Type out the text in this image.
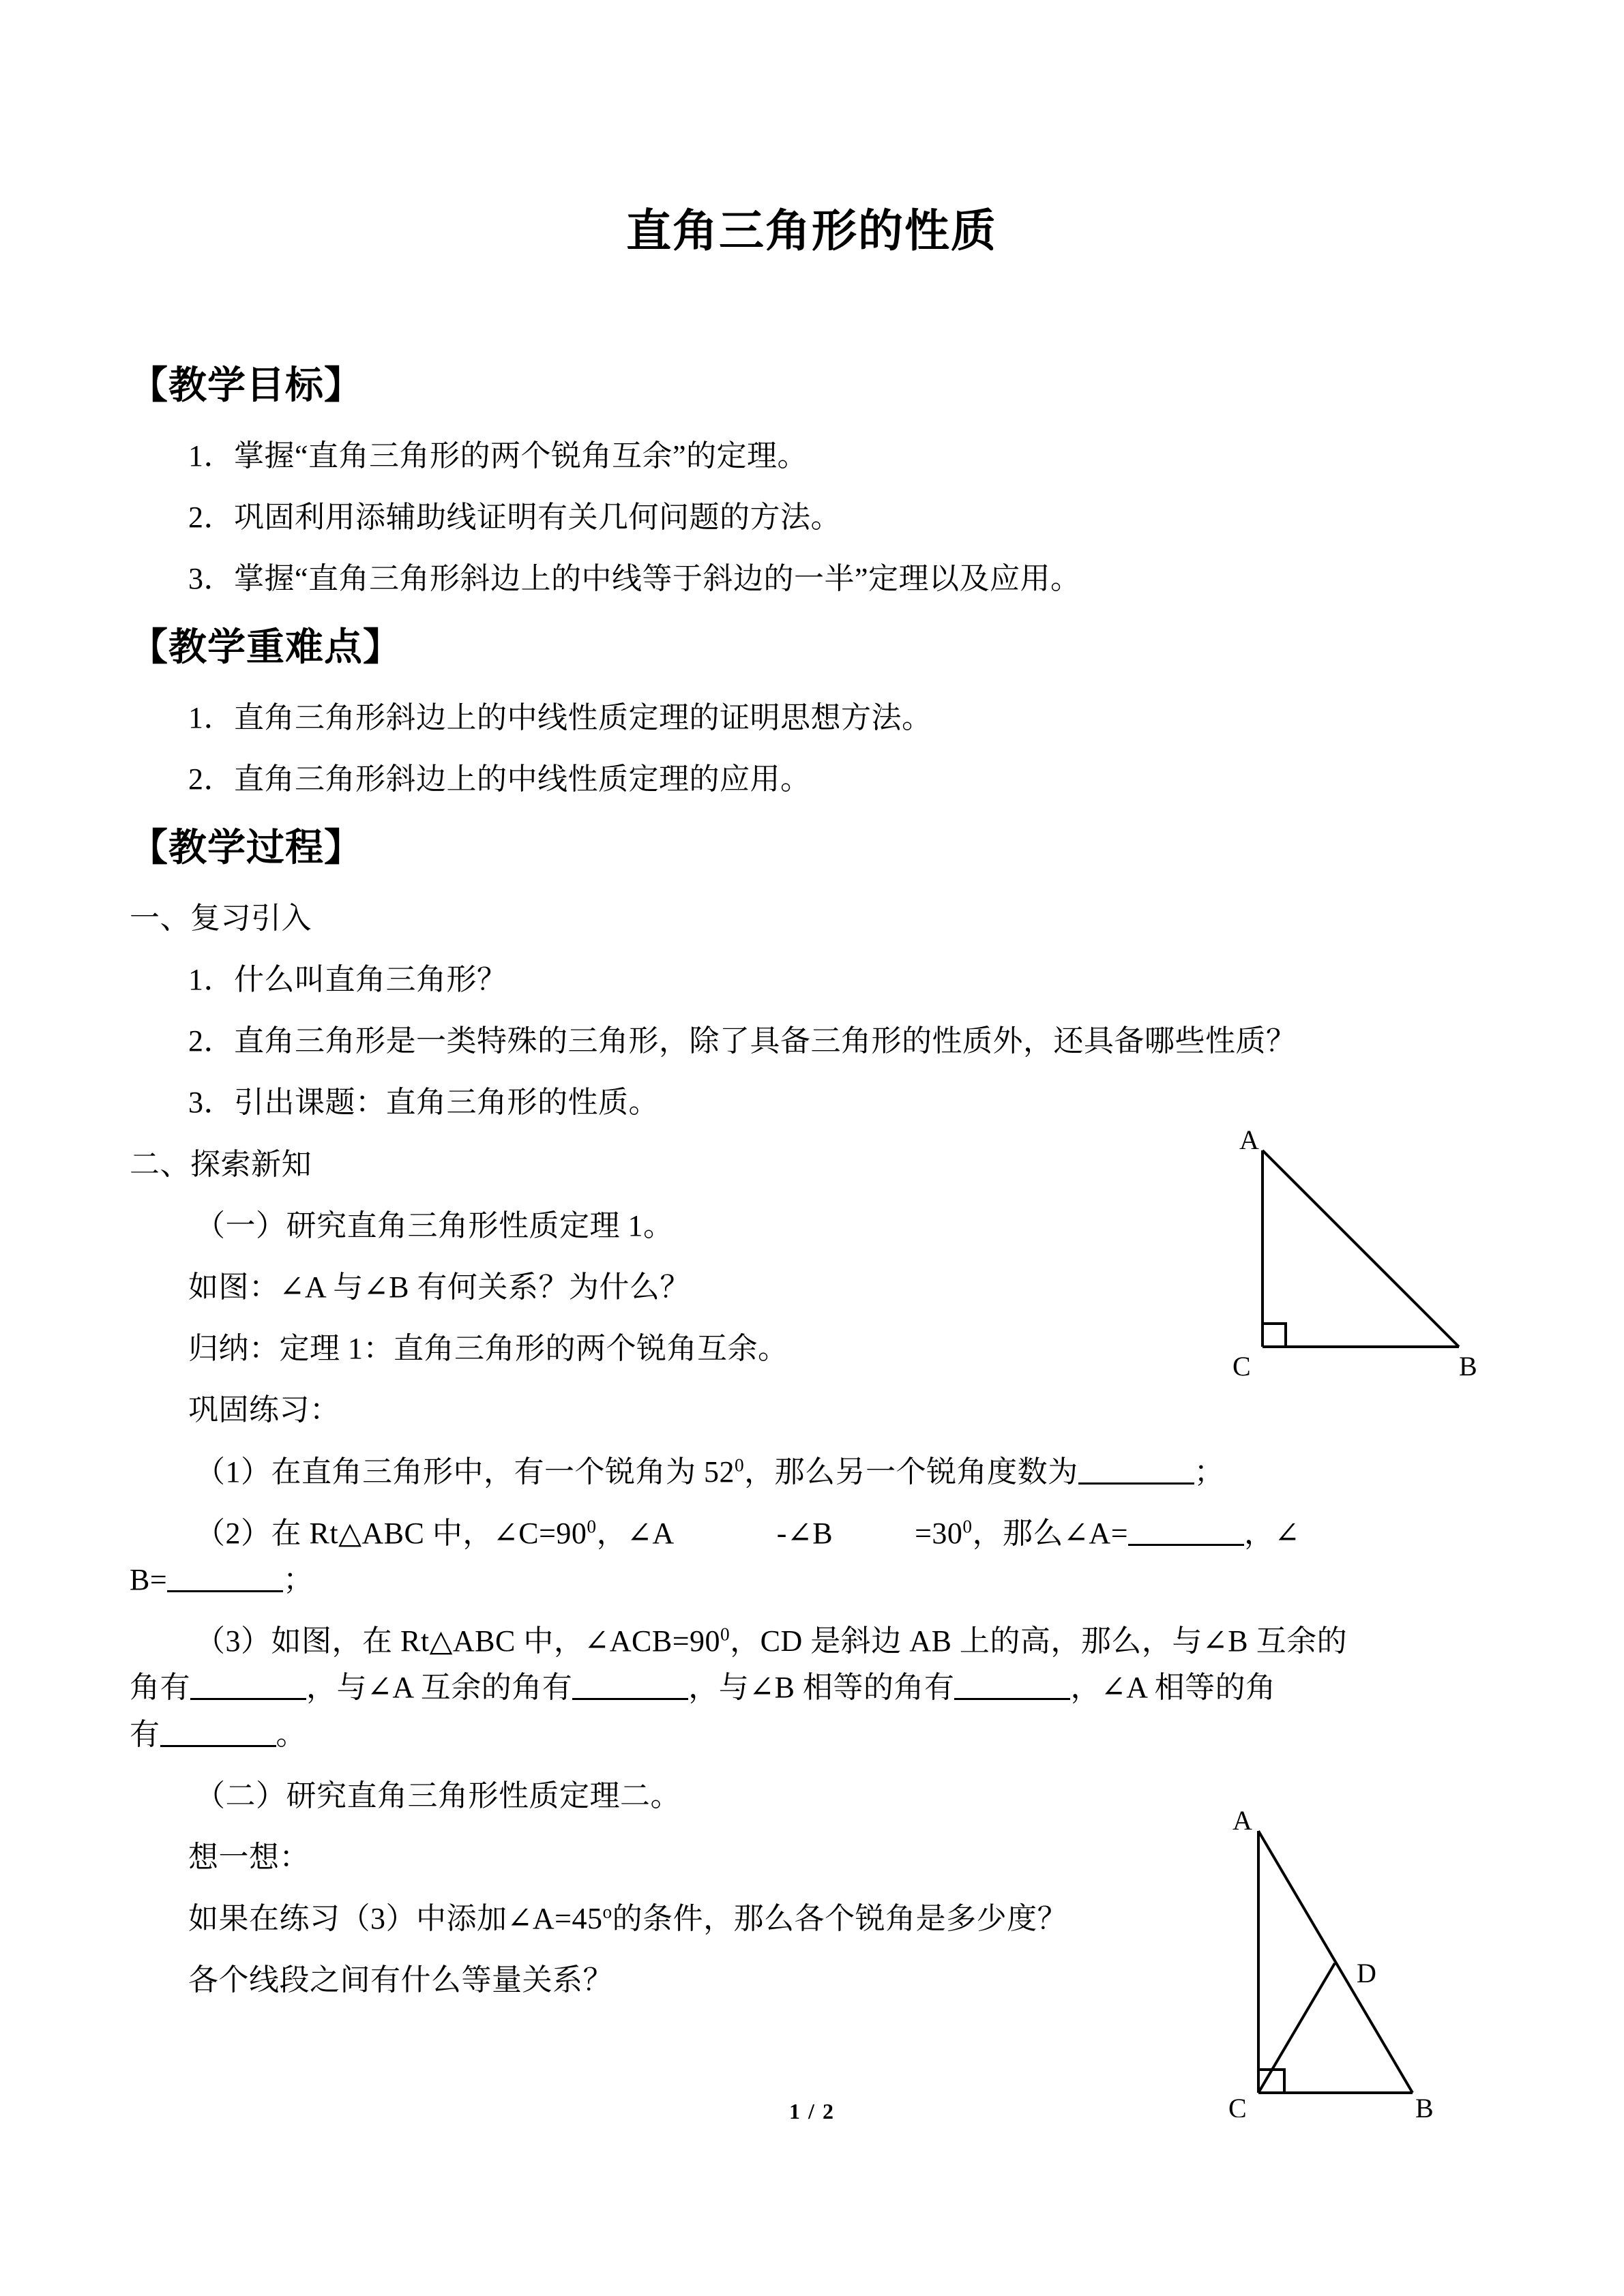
直角三角形的性质
【教学目标】
1．掌握“直角三角形的两个锐角互余”的定理。
2．巩固利用添辅助线证明有关几何问题的方法。
3．掌握“直角三角形斜边上的中线等于斜边的一半”定理以及应用。
【教学重难点】
1．直角三角形斜边上的中线性质定理的证明思想方法。
2．直角三角形斜边上的中线性质定理的应用。
【教学过程】
一、复习引入
1．什么叫直角三角形？
2．直角三角形是一类特殊的三角形，除了具备三角形的性质外，还具备哪些性质？
3．引出课题：直角三角形的性质。
二、探索新知
（一）研究直角三角形性质定理 1。
如图：∠A 与∠B 有何关系？为什么？
归纳：定理 1：直角三角形的两个锐角互余。
巩固练习：
（1）在直角三角形中，有一个锐角为 $52^0$，那么另一个锐角度数为	；
（2）在 Rt△ABC 中，$\angle C=90^0$，∠A	-∠B	$=30^0$，那么∠A=	，∠
B=	；
（3）如图，在 Rt△ABC 中，$\angle ACB=90^0$，CD 是斜边 AB 上的高，那么，与∠B 互余的
角有	，与∠A 互余的角有	，与∠B 相等的角有	，∠A 相等的角
有	。
（二）研究直角三角形性质定理二。
想一想：
如果在练习（3）中添加$\angle A=45^o$的条件，那么各个锐角是多少度？
各个线段之间有什么等量关系？
A
C	B
A
D
C	B
1 / 2
